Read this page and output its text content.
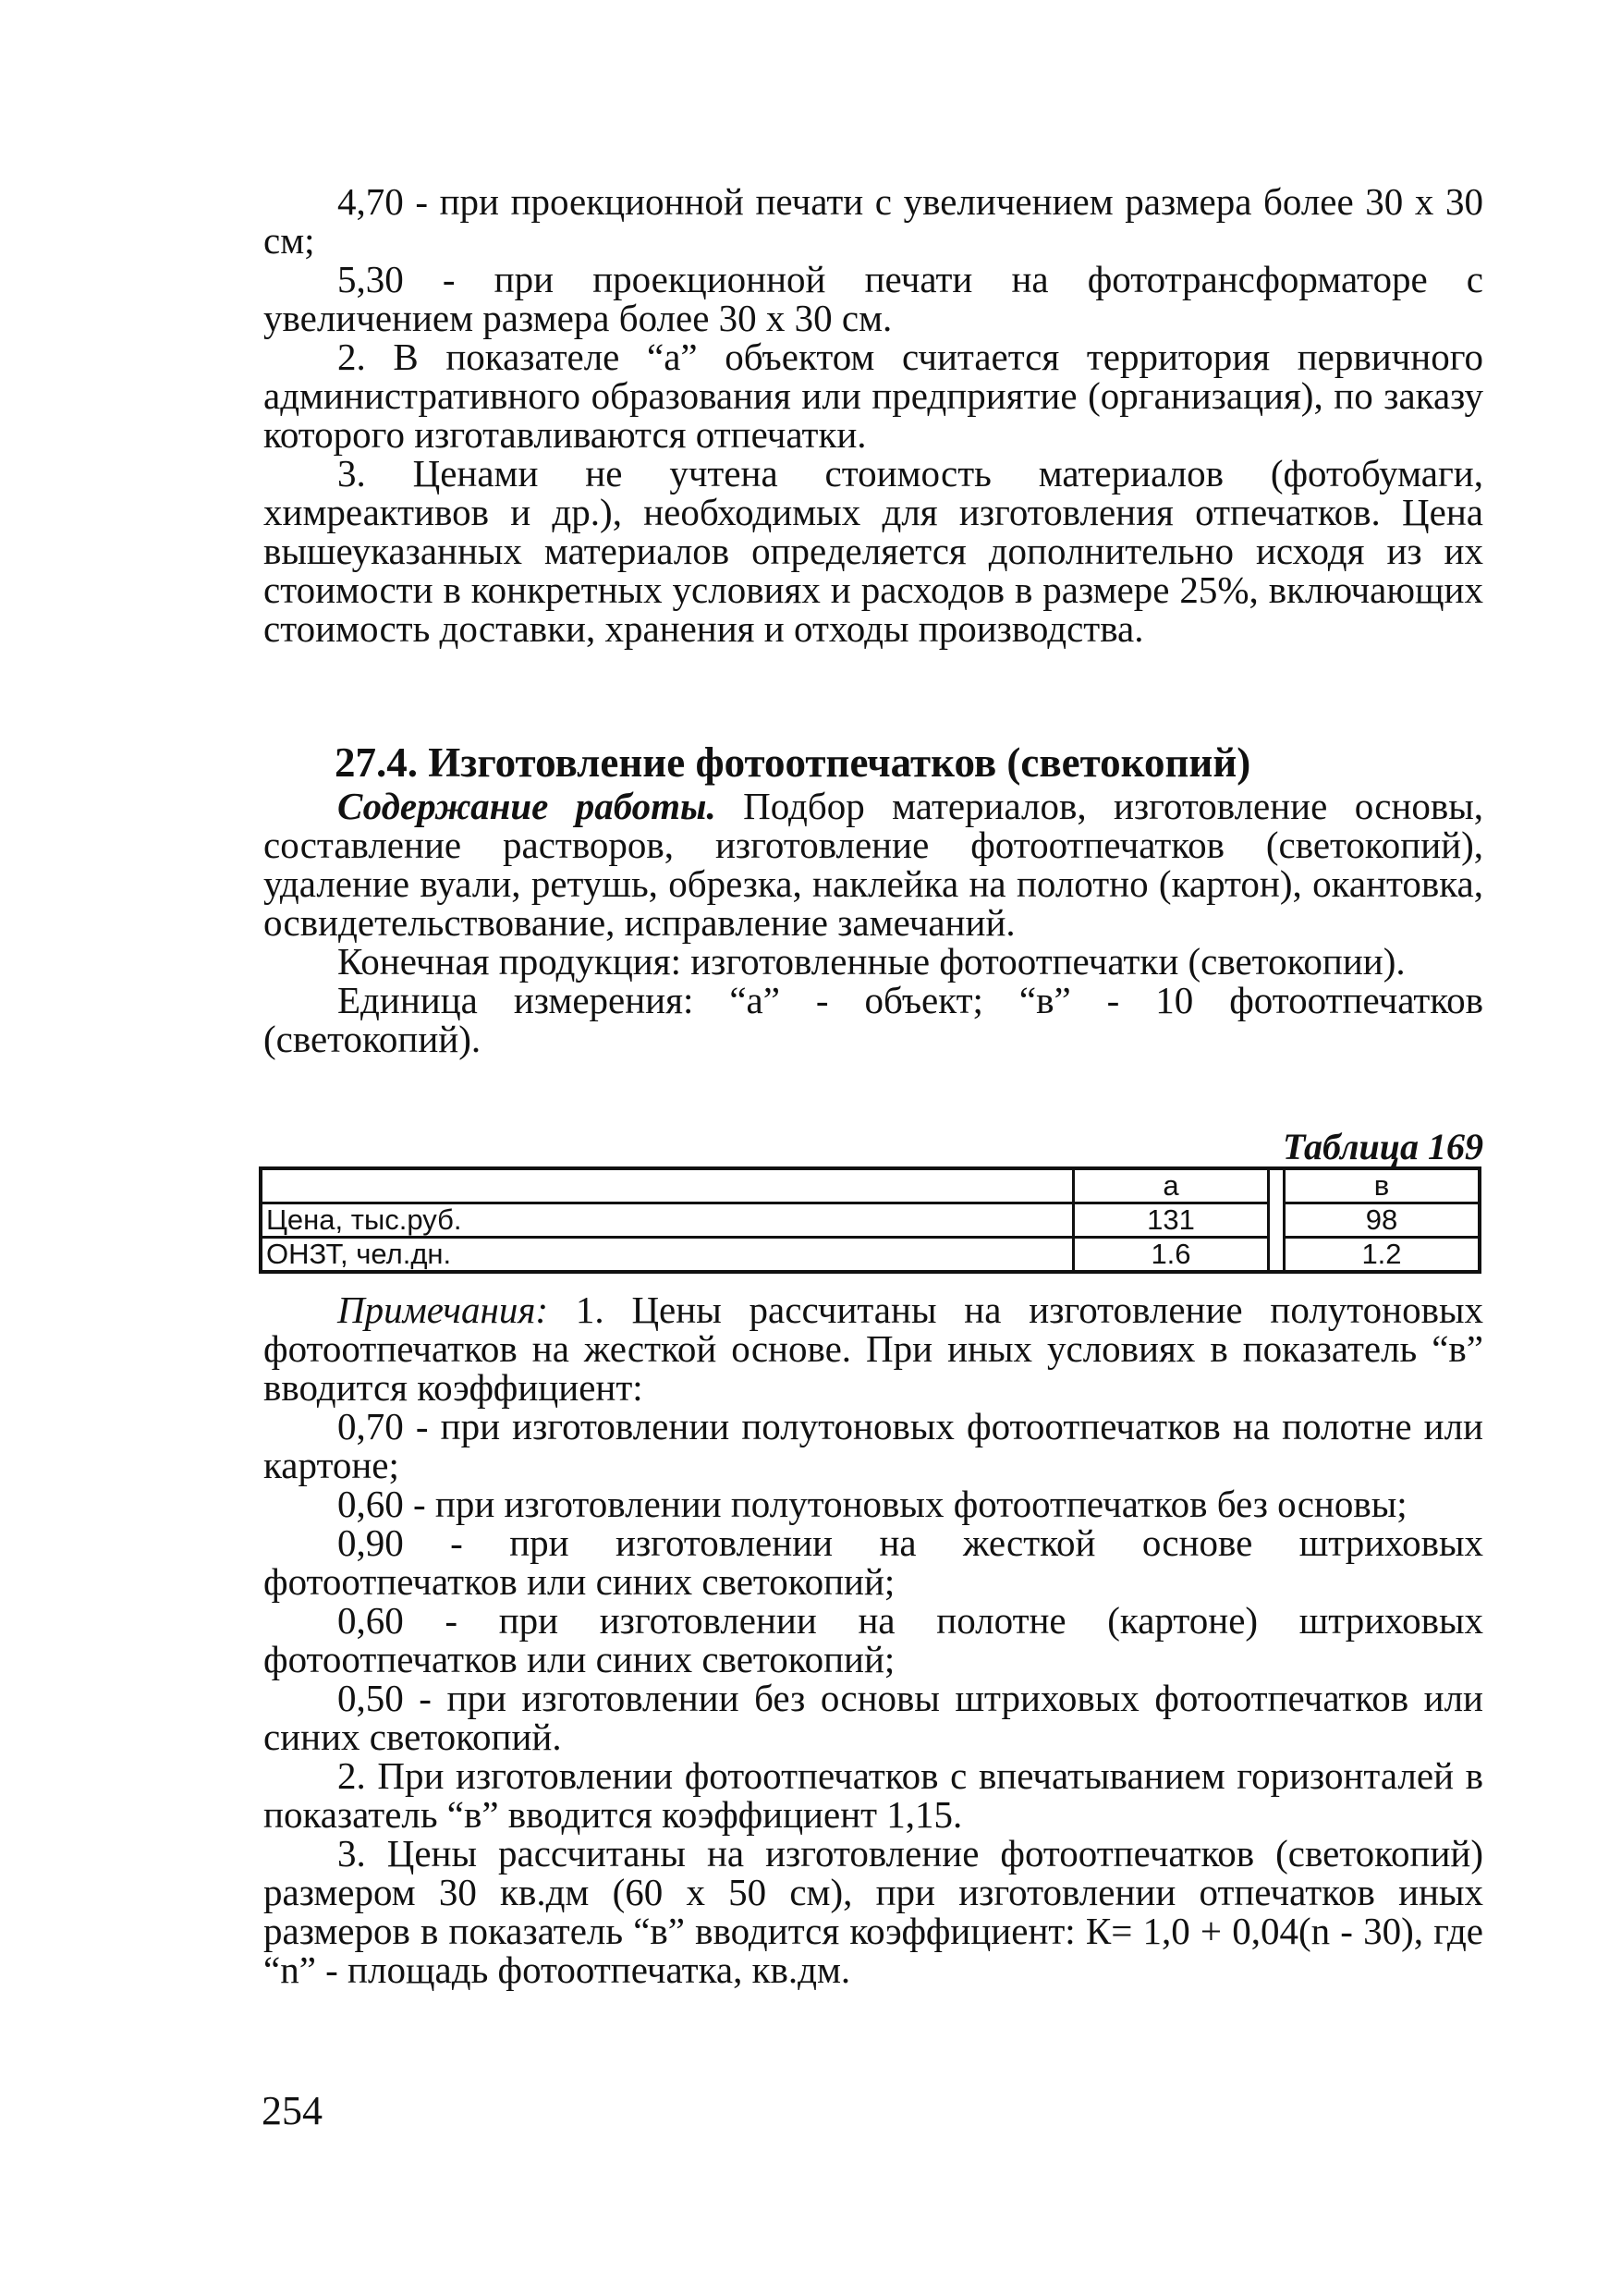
4,70 - при проекционной печати с увеличением размера более 30 х 30 см;

5,30 - при проекционной печати на фототрансформаторе с увеличением размера более 30 х 30 см.

2. В показателе “а” объектом считается территория первичного административного образования или предприятие (организация), по заказу которого изготавливаются отпечатки.

3. Ценами не учтена стоимость материалов (фотобумаги, химреактивов и др.), необходимых для изготовления отпечатков. Цена вышеуказанных материалов определяется дополнительно исходя из их стоимости в конкретных условиях и расходов в размере 25%, включающих стоимость доставки, хранения и отходы производства.

27.4. Изготовление фотоотпечатков (светокопий)

Содержание работы. Подбор материалов, изготовление основы, составление растворов, изготовление фотоотпечатков (светокопий), удаление вуали, ретушь, обрезка, наклейка на полотно (картон), окантовка, освидетельствование, исправление замечаний.

Конечная продукция: изготовленные фотоотпечатки (светокопии).

Единица измерения: “а” - объект; “в” - 10 фотоотпечатков (светокопий).

Таблица 169
	а		в
Цена, тыс.руб.	131		98
ОНЗТ, чел.дн.	1.6		1.2

Примечания: 1. Цены рассчитаны на изготовление полутоновых фотоотпечатков на жесткой основе. При иных условиях в показатель “в” вводится коэффициент:

0,70 - при изготовлении полутоновых фотоотпечатков на полотне или картоне;

0,60 - при изготовлении полутоновых фотоотпечатков без основы;

0,90 - при изготовлении на жесткой основе штриховых фотоотпечатков или синих светокопий;

0,60 - при изготовлении на полотне (картоне) штриховых фотоотпечатков или синих светокопий;

0,50 - при изготовлении без основы штриховых фотоотпечатков или синих светокопий.

2. При изготовлении фотоотпечатков с впечатыванием горизонталей в показатель “в” вводится коэффициент 1,15.

3. Цены рассчитаны на изготовление фотоотпечатков (светокопий) размером 30 кв.дм (60 х 50 см), при изготовлении отпечатков иных размеров в показатель “в” вводится коэффициент: К= 1,0 + 0,04(n - 30), где “n” - площадь фотоотпечатка, кв.дм.

254
